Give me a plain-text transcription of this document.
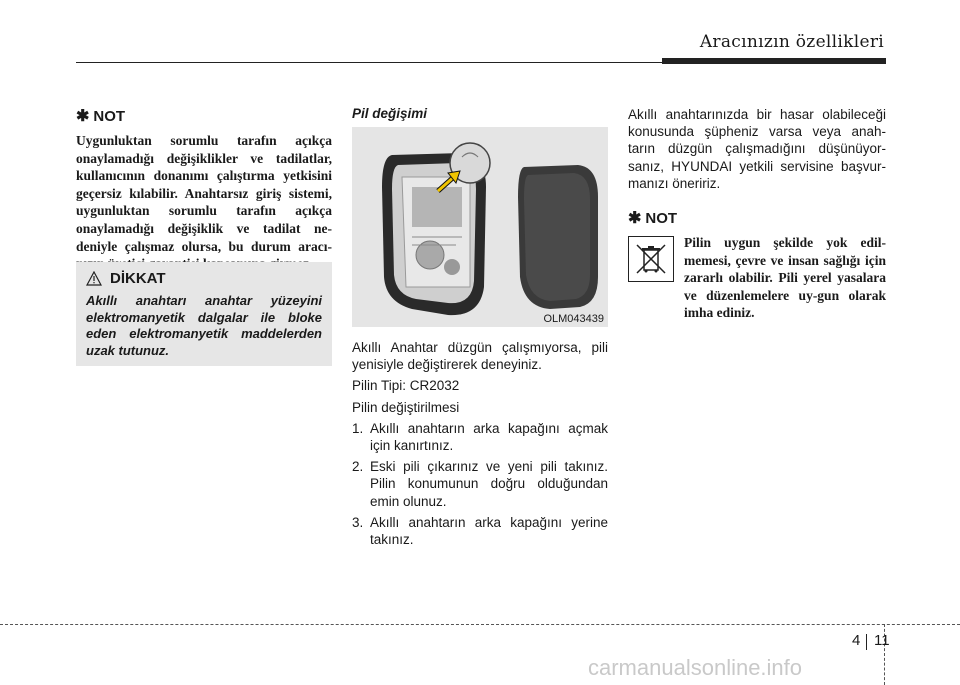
Aracınızın özellikleri
✱ NOT

Uygunluktan sorumlu tarafın açıkça onaylamadığı değişiklikler ve tadilatlar, kullanıcının donanımı çalıştırma yetkisini geçersiz kılabilir. Anahtarsız giriş sistemi, uygunluktan sorumlu tarafın açıkça onaylamadığı değişiklik ve tadilat ne-deniyle çalışmaz olursa, bu durum aracı-

DİKKAT

Akıllı anahtarı anahtar yüzeyini elektromanyetik dalgalar ile bloke eden elektromanyetik maddelerden uzak tutunuz.

Pil değişimi

OLM043439

Akıllı Anahtar düzgün çalışmıyorsa, pili yenisiyle değiştirerek deneyiniz.

Pilin Tipi: CR2032

Pilin değiştirilmesi

1. Akıllı anahtarın arka kapağını açmak için kanırtınız.
2. Eski pili çıkarınız ve yeni pili takınız. Pilin konumunun doğru olduğundan emin olunuz.
3. Akıllı anahtarın arka kapağını yerine takınız.

Akıllı anahtarınızda bir hasar olabileceği konusunda şüpheniz varsa veya anah-tarın düzgün çalışmadığını düşünüyor-sanız, HYUNDAI yetkili servisine başvur-manızı öneririz.

✱ NOT

Pilin uygun şekilde yok edil-memesi, çevre ve insan sağlığı için zararlı olabilir. Pili yerel yasalara ve düzenlemelere uy-gun olarak imha ediniz.

4 11
carmanualsonline.info
